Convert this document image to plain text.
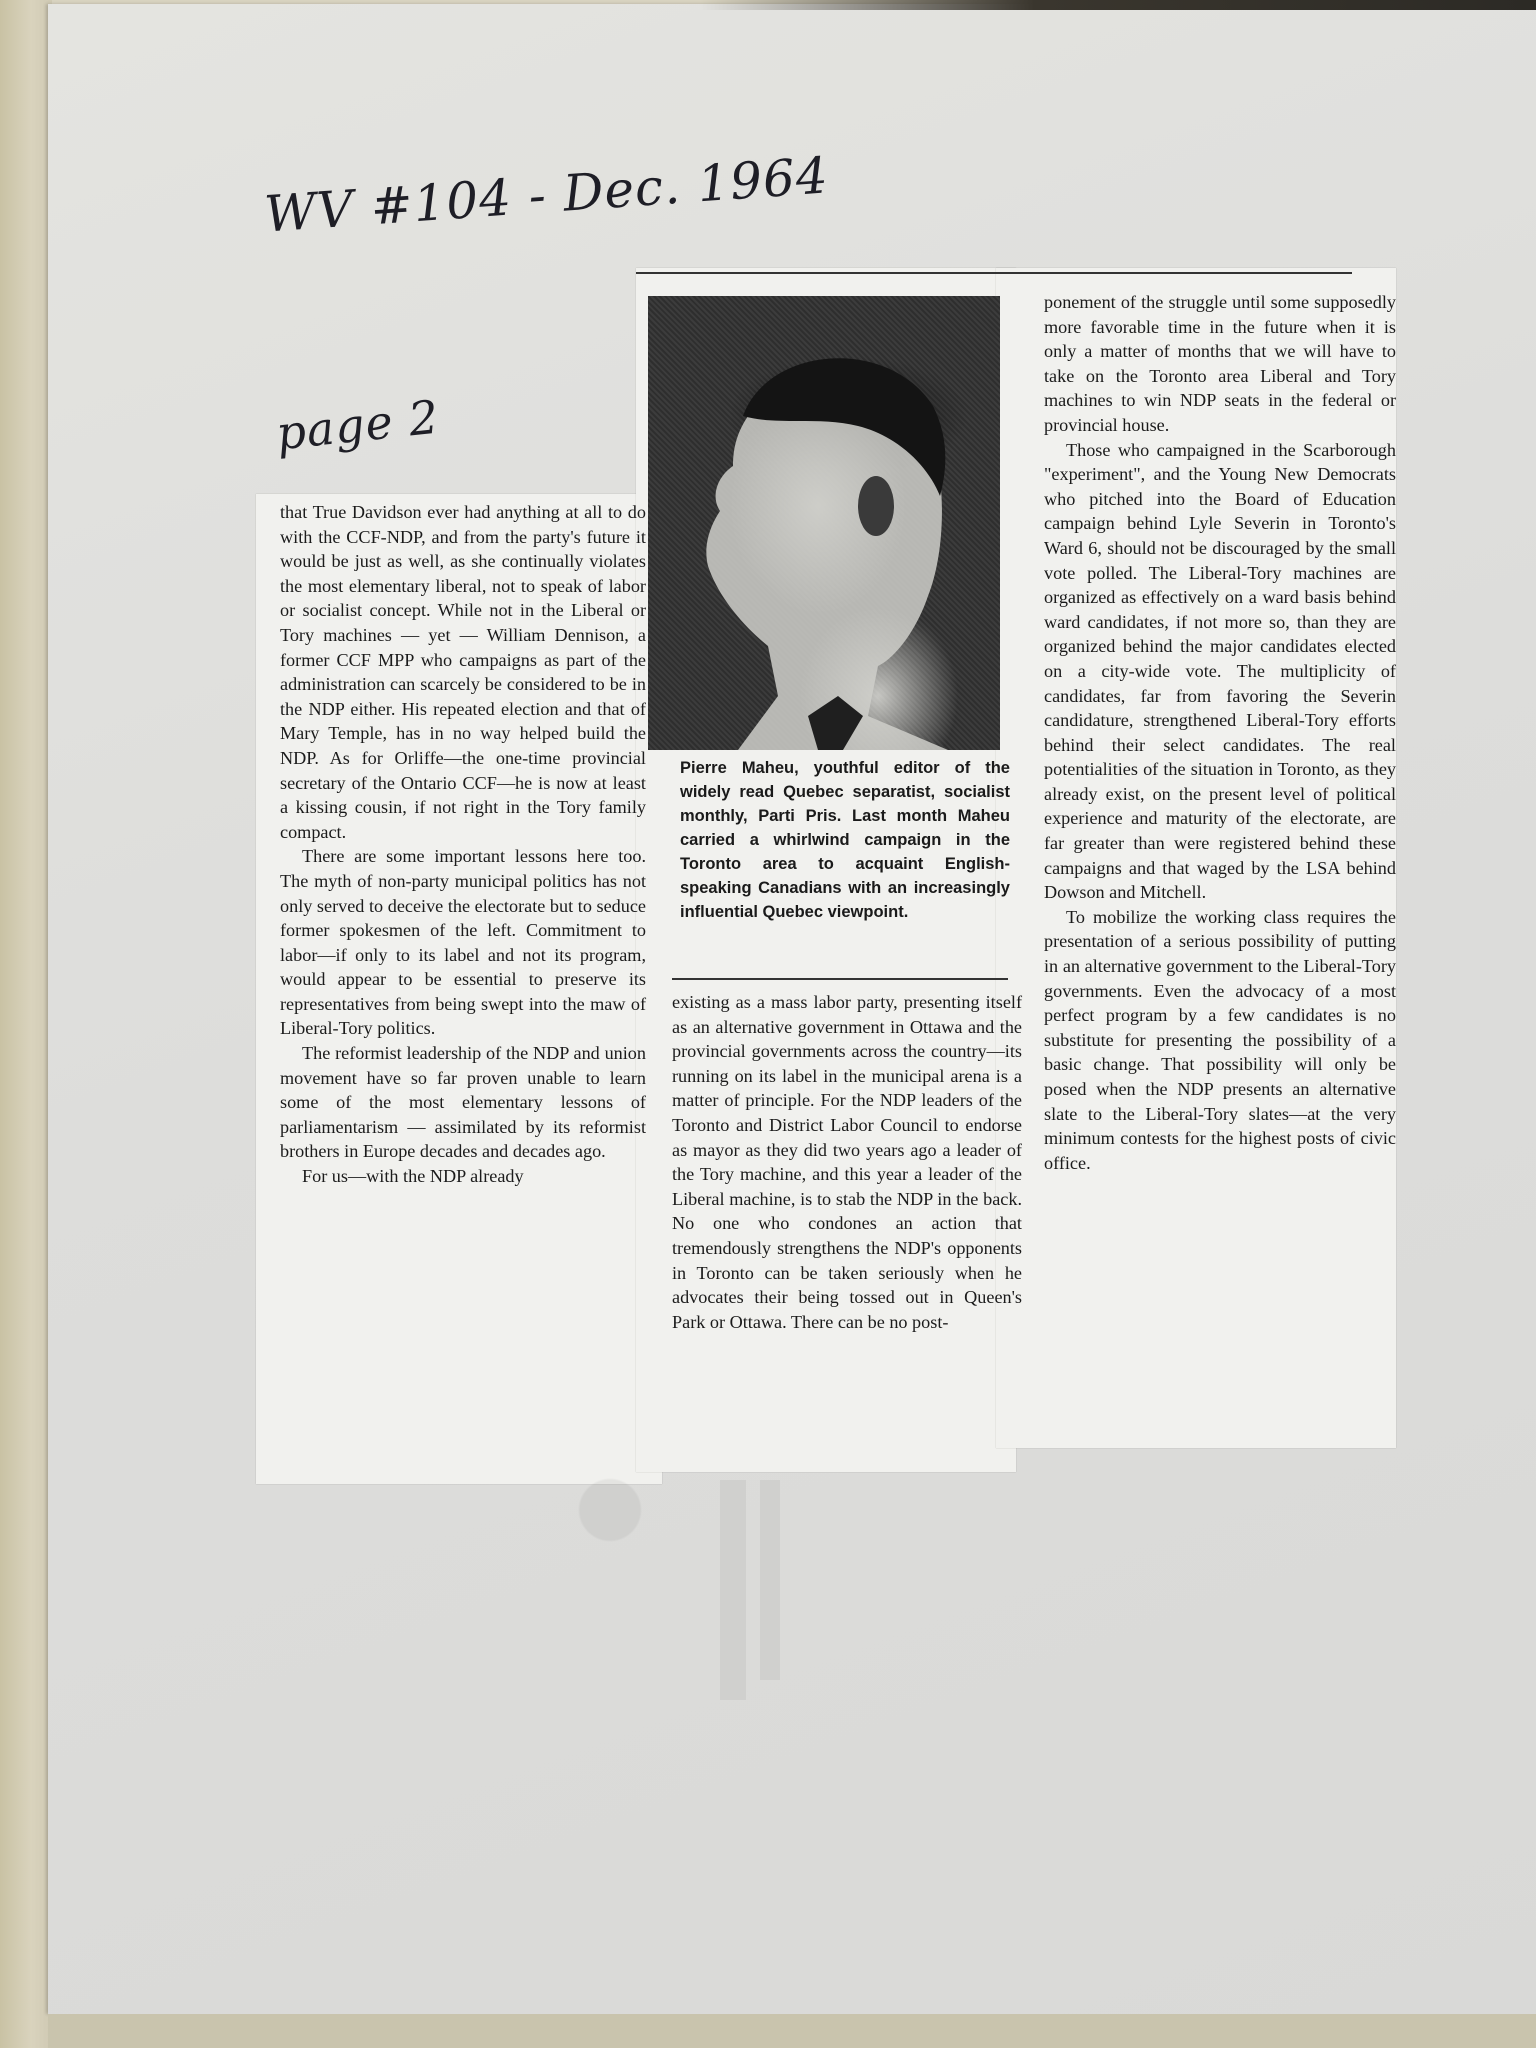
WV #104 - Dec. 1964
page 2
Pierre Maheu, youthful editor of the widely read Quebec separatist, socialist monthly, Parti Pris. Last month Maheu carried a whirlwind campaign in the Toronto area to acquaint English-speaking Canadians with an increasingly influential Quebec viewpoint.

that True Davidson ever had anything at all to do with the CCF-NDP, and from the party's future it would be just as well, as she continually violates the most elementary liberal, not to speak of labor or socialist concept. While not in the Liberal or Tory machines — yet — William Dennison, a former CCF MPP who campaigns as part of the administration can scarcely be considered to be in the NDP either. His repeated election and that of Mary Temple, has in no way helped build the NDP. As for Orliffe—the one-time provincial secretary of the Ontario CCF—he is now at least a kissing cousin, if not right in the Tory family compact.

There are some important lessons here too. The myth of non-party municipal politics has not only served to deceive the electorate but to seduce former spokesmen of the left. Commitment to labor—if only to its label and not its program, would appear to be essential to preserve its representatives from being swept into the maw of Liberal-Tory politics.

The reformist leadership of the NDP and union movement have so far proven unable to learn some of the most elementary lessons of parliamentarism — assimilated by its reformist brothers in Europe decades and decades ago.

For us—with the NDP already

existing as a mass labor party, presenting itself as an alternative government in Ottawa and the provincial governments across the country—its running on its label in the municipal arena is a matter of principle. For the NDP leaders of the Toronto and District Labor Council to endorse as mayor as they did two years ago a leader of the Tory machine, and this year a leader of the Liberal machine, is to stab the NDP in the back. No one who condones an action that tremendously strengthens the NDP's opponents in Toronto can be taken seriously when he advocates their being tossed out in Queen's Park or Ottawa. There can be no post-

ponement of the struggle until some supposedly more favorable time in the future when it is only a matter of months that we will have to take on the Toronto area Liberal and Tory machines to win NDP seats in the federal or provincial house.

Those who campaigned in the Scarborough "experiment", and the Young New Democrats who pitched into the Board of Education campaign behind Lyle Severin in Toronto's Ward 6, should not be discouraged by the small vote polled. The Liberal-Tory machines are organized as effectively on a ward basis behind ward candidates, if not more so, than they are organized behind the major candidates elected on a city-wide vote. The multiplicity of candidates, far from favoring the Severin candidature, strengthened Liberal-Tory efforts behind their select candidates. The real potentialities of the situation in Toronto, as they already exist, on the present level of political experience and maturity of the electorate, are far greater than were registered behind these campaigns and that waged by the LSA behind Dowson and Mitchell.

To mobilize the working class requires the presentation of a serious possibility of putting in an alternative government to the Liberal-Tory governments. Even the advocacy of a most perfect program by a few candidates is no substitute for presenting the possibility of a basic change. That possibility will only be posed when the NDP presents an alternative slate to the Liberal-Tory slates—at the very minimum contests for the highest posts of civic office.
